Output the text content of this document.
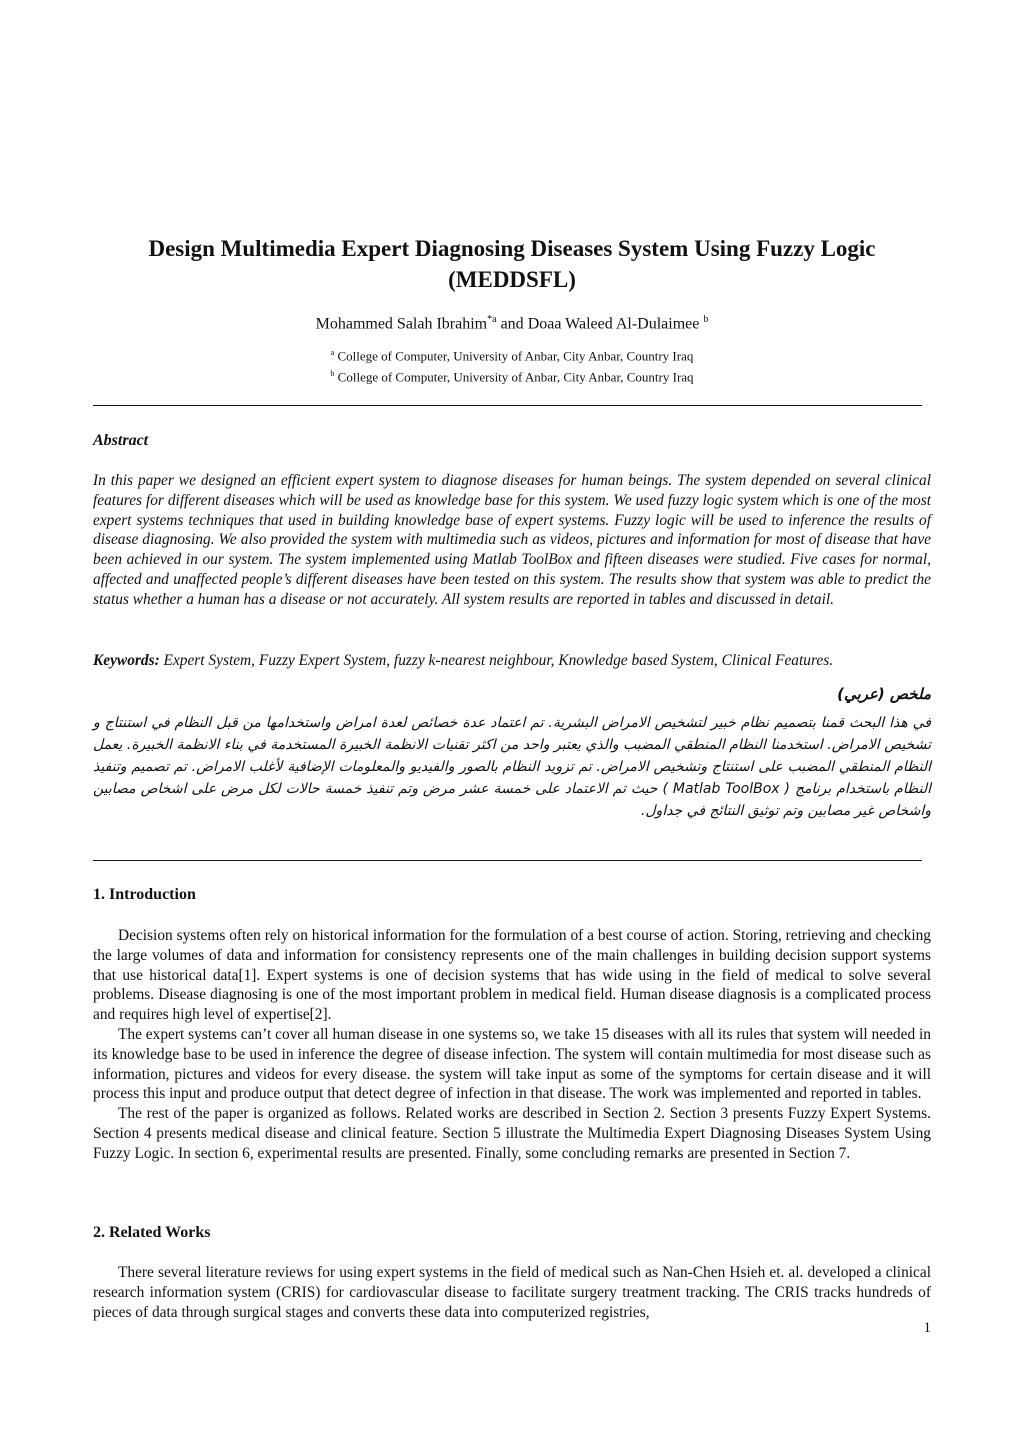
Design Multimedia Expert Diagnosing Diseases System Using Fuzzy Logic
(MEDDSFL)
Mohammed Salah Ibrahim$^{*a}$ and Doaa Waleed Al-Dulaimee $^b$
$^a$ College of Computer, University of Anbar, City Anbar, Country Iraq
$^b$ College of Computer, University of Anbar, City Anbar, Country Iraq
Abstract

In this paper we designed an efficient expert system to diagnose diseases for human beings. The system depended on several clinical features for different diseases which will be used as knowledge base for this system. We used fuzzy logic system which is one of the most expert systems techniques that used in building knowledge base of expert systems. Fuzzy logic will be used to inference the results of disease diagnosing. We also provided the system with multimedia such as videos, pictures and information for most of disease that have been achieved in our system. The system implemented using Matlab ToolBox and fifteen diseases were studied. Five cases for normal, affected and unaffected people’s different diseases have been tested on this system. The results show that system was able to predict the status whether a human has a disease or not accurately. All system results are reported in tables and discussed in detail.

Keywords: Expert System, Fuzzy Expert System, fuzzy k-nearest neighbour, Knowledge based System, Clinical Features.

ملخص (عربي)

في هذا البحث قمنا بتصميم نظام خبير لتشخيص الامراض البشرية. تم اعتماد عدة خصائص لعدة امراض واستخدامها من قبل النظام في استنتاج و تشخيص الامراض. استخدمنا النظام المنطقي المضبب والذي يعتبر واحد من اكثر تقنيات الانظمة الخبيرة المستخدمة في بناء الانظمة الخبيرة. يعمل النظام المنطقي المضبب على استنتاج وتشخيص الامراض. تم تزويد النظام بالصور والفيديو والمعلومات الإضافية لأغلب الامراض. تم تصميم وتنفيذ النظام باستخدام برنامج ( Matlab ToolBox ) حيث تم الاعتماد على خمسة عشر مرض وتم تنفيذ خمسة حالات لكل مرض على اشخاص مصابين واشخاص غير مصابين وتم توثيق النتائج في جداول.

1. Introduction

Decision systems often rely on historical information for the formulation of a best course of action. Storing, retrieving and checking the large volumes of data and information for consistency represents one of the main challenges in building decision support systems that use historical data[1]. Expert systems is one of decision systems that has wide using in the field of medical to solve several problems. Disease diagnosing is one of the most important problem in medical field. Human disease diagnosis is a complicated process and requires high level of expertise[2].

The expert systems can’t cover all human disease in one systems so, we take 15 diseases with all its rules that system will needed in its knowledge base to be used in inference the degree of disease infection. The system will contain multimedia for most disease such as information, pictures and videos for every disease. the system will take input as some of the symptoms for certain disease and it will process this input and produce output that detect degree of infection in that disease. The work was implemented and reported in tables.

The rest of the paper is organized as follows. Related works are described in Section 2. Section 3 presents Fuzzy Expert Systems. Section 4 presents medical disease and clinical feature. Section 5 illustrate the Multimedia Expert Diagnosing Diseases System Using Fuzzy Logic. In section 6, experimental results are presented. Finally, some concluding remarks are presented in Section 7.

2. Related Works

There several literature reviews for using expert systems in the field of medical such as Nan-Chen Hsieh et. al. developed a clinical research information system (CRIS) for cardiovascular disease to facilitate surgery treatment tracking. The CRIS tracks hundreds of pieces of data through surgical stages and converts these data into computerized registries,

1
